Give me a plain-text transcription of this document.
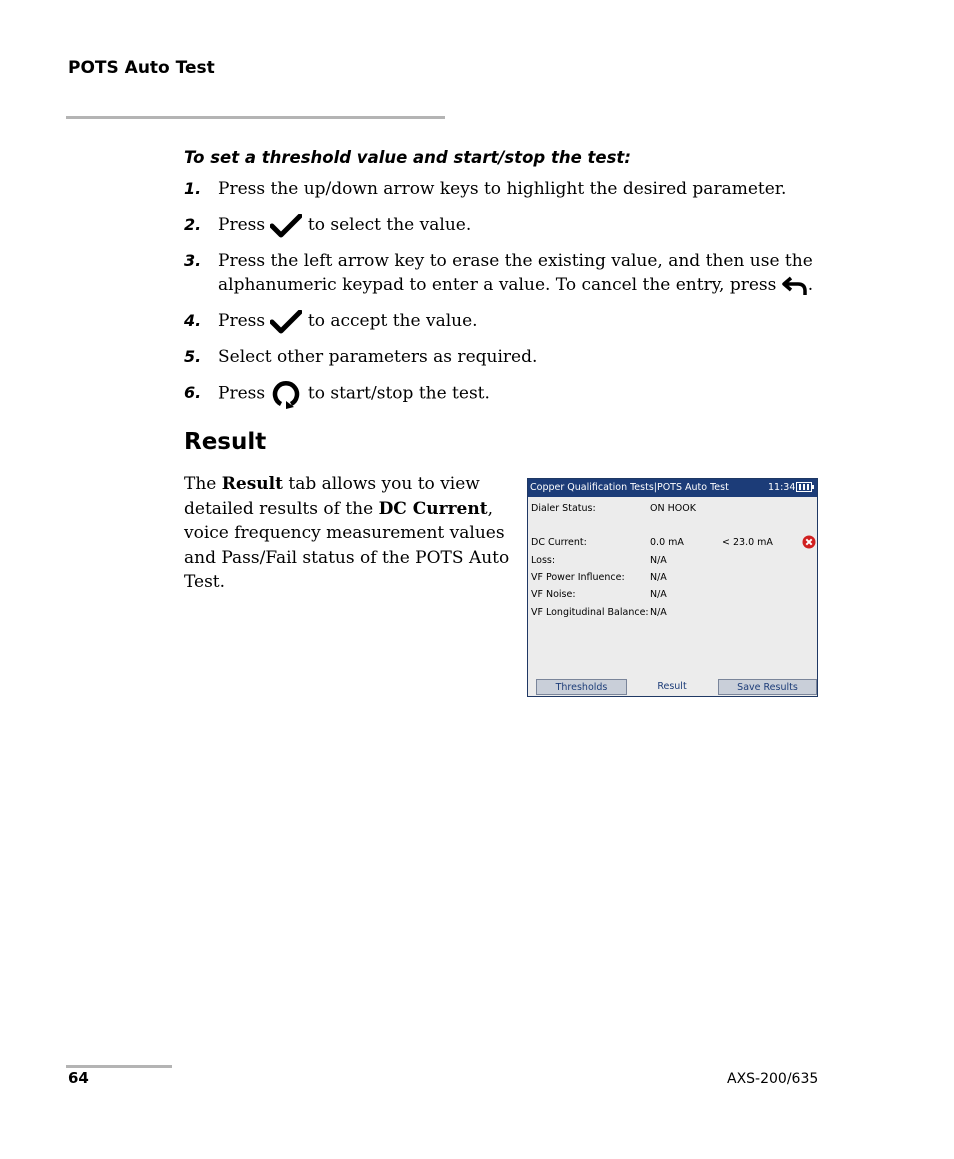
POTS Auto Test
To set a threshold value and start/stop the test:
1. Press the up/down arrow keys to highlight the desired parameter.
2. Press	to select the value.
3. Press the left arrow key to erase the existing value, and then use the
alphanumeric keypad to enter a value. To cancel the entry, press .
4. Press	to accept the value.
5. Select other parameters as required.
6. Press	to start/stop the test.
Result
The Result tab allows you to view detailed results of the DC Current, voice frequency measurement values and Pass/Fail status of the POTS Auto Test.
Copper Qualification Tests|POTS Auto Test	11:34
Dialer Status:	ON HOOK
DC Current:	0.0 mA	< 23.0 mA
Loss:	N/A
VF Power Influence:	N/A
VF Noise:	N/A
VF Longitudinal Balance: N/A
Thresholds	Result	Save Results
64	AXS-200/635
